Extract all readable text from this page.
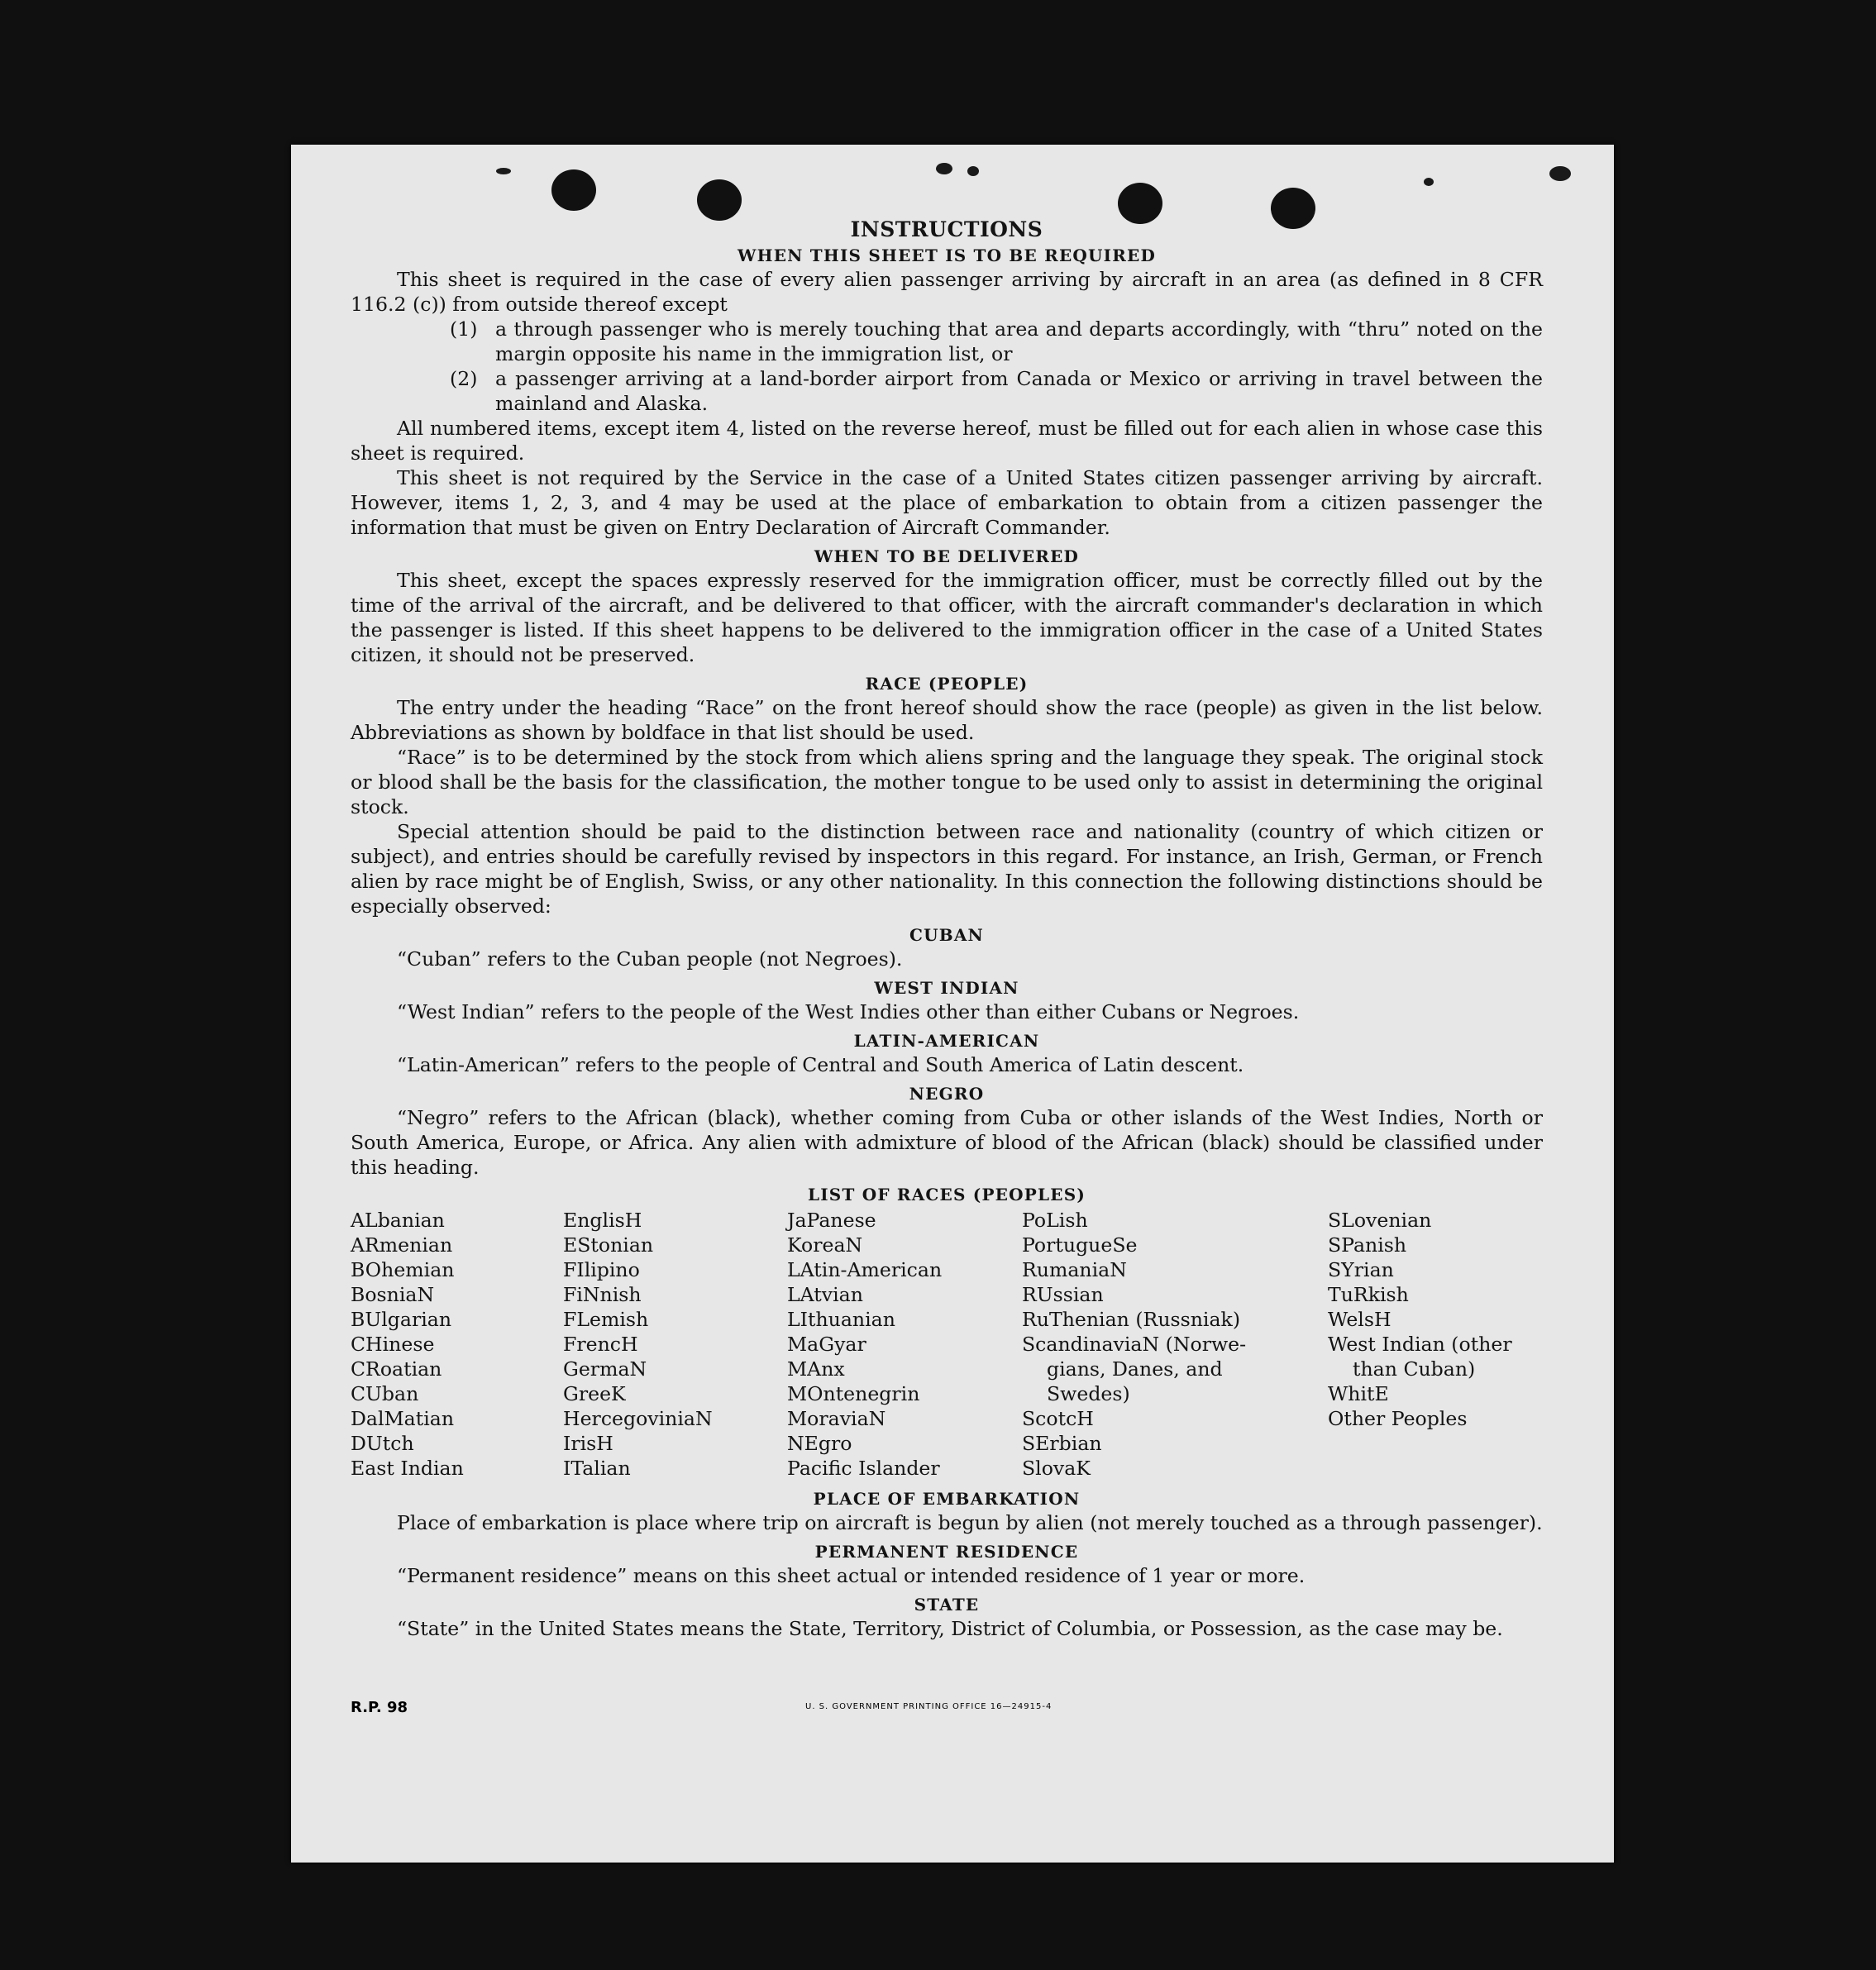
INSTRUCTIONS
WHEN THIS SHEET IS TO BE REQUIRED

This sheet is required in the case of every alien passenger arriving by aircraft in an area (as defined in 8 CFR 116.2 (c)) from outside thereof except

(1) a through passenger who is merely touching that area and departs accordingly, with “thru” noted on the margin opposite his name in the immigration list, or
(2) a passenger arriving at a land-border airport from Canada or Mexico or arriving in travel between the mainland and Alaska.

All numbered items, except item 4, listed on the reverse hereof, must be filled out for each alien in whose case this sheet is required.

This sheet is not required by the Service in the case of a United States citizen passenger arriving by aircraft. However, items 1, 2, 3, and 4 may be used at the place of embarkation to obtain from a citizen passenger the information that must be given on Entry Declaration of Aircraft Commander.

WHEN TO BE DELIVERED

This sheet, except the spaces expressly reserved for the immigration officer, must be correctly filled out by the time of the arrival of the aircraft, and be delivered to that officer, with the aircraft commander's declaration in which the passenger is listed. If this sheet happens to be delivered to the immigration officer in the case of a United States citizen, it should not be preserved.

RACE (PEOPLE)

The entry under the heading “Race” on the front hereof should show the race (people) as given in the list below. Abbreviations as shown by boldface in that list should be used.

“Race” is to be determined by the stock from which aliens spring and the language they speak. The original stock or blood shall be the basis for the classification, the mother tongue to be used only to assist in determining the original stock.

Special attention should be paid to the distinction between race and nationality (country of which citizen or subject), and entries should be carefully revised by inspectors in this regard. For instance, an Irish, German, or French alien by race might be of English, Swiss, or any other nationality. In this connection the following distinctions should be especially observed:

CUBAN

“Cuban” refers to the Cuban people (not Negroes).

WEST INDIAN

“West Indian” refers to the people of the West Indies other than either Cubans or Negroes.

LATIN-AMERICAN

“Latin-American” refers to the people of Central and South America of Latin descent.

NEGRO

“Negro” refers to the African (black), whether coming from Cuba or other islands of the West Indies, North or South America, Europe, or Africa. Any alien with admixture of blood of the African (black) should be classified under this heading.

LIST OF RACES (PEOPLES)
ALbanian
ARmenian
BOhemian
BosniaN
BUlgarian
CHinese
CRoatian
CUban
DalMatian
DUtch
East Indian
EnglisH
EStonian
FIlipino
FiNnish
FLemish
FrencH
GermaN
GreeK
HercegoviniaN
IrisH
ITalian
JaPanese
KoreaN
LAtin-American
LAtvian
LIthuanian
MaGyar
MAnx
MOntenegrin
MoraviaN
NEgro
Pacific Islander
PoLish
PortugueSe
RumaniaN
RUssian
RuThenian (Russniak)
ScandinaviaN (Norwe-
gians, Danes, and
Swedes)
ScotcH
SErbian
SlovaK
SLovenian
SPanish
SYrian
TuRkish
WelsH
West Indian (other
than Cuban)
WhitE
Other Peoples
PLACE OF EMBARKATION

Place of embarkation is place where trip on aircraft is begun by alien (not merely touched as a through passenger).

PERMANENT RESIDENCE

“Permanent residence” means on this sheet actual or intended residence of 1 year or more.

STATE

“State” in the United States means the State, Territory, District of Columbia, or Possession, as the case may be.

R.P. 98	U. S. GOVERNMENT PRINTING OFFICE 16—24915-4
